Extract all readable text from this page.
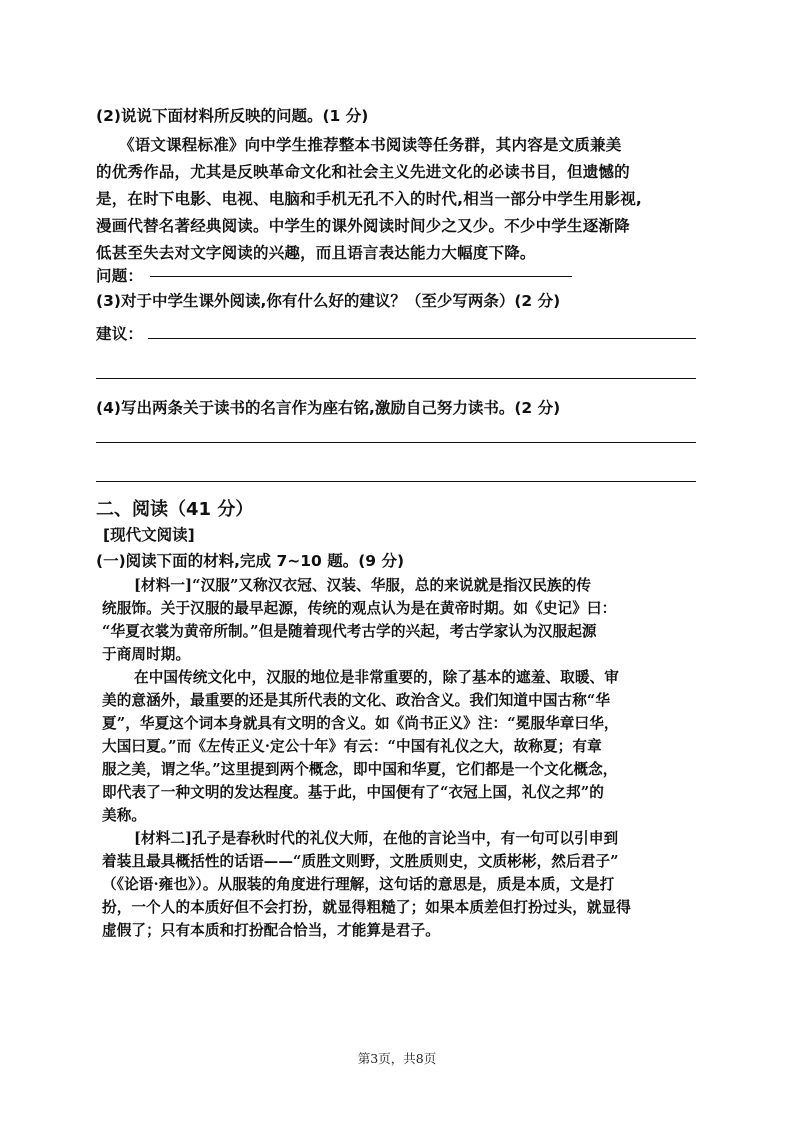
(2)说说下面材料所反映的问题。(1 分)
《语文课程标准》向中学生推荐整本书阅读等任务群，其内容是文质兼美
的优秀作品，尤其是反映革命文化和社会主义先进文化的必读书目，但遗憾的
是，在时下电影、电视、电脑和手机无孔不入的时代,相当一部分中学生用影视,
漫画代替名著经典阅读。中学生的课外阅读时间少之又少。不少中学生逐渐降
低甚至失去对文字阅读的兴趣，而且语言表达能力大幅度下降。
问题：
(3)对于中学生课外阅读,你有什么好的建议？（至少写两条）(2 分)
建议：
(4)写出两条关于读书的名言作为座右铭,激励自己努力读书。(2 分)
二、阅读（41 分）
[现代文阅读]
(一)阅读下面的材料,完成 7~10 题。(9 分)
[材料一]“汉服”又称汉衣冠、汉装、华服，总的来说就是指汉民族的传
统服饰。关于汉服的最早起源，传统的观点认为是在黄帝时期。如《史记》曰：
“华夏衣裳为黄帝所制。”但是随着现代考古学的兴起，考古学家认为汉服起源
于商周时期。
在中国传统文化中，汉服的地位是非常重要的，除了基本的遮羞、取暖、审
美的意涵外，最重要的还是其所代表的文化、政治含义。我们知道中国古称“华
夏”，华夏这个词本身就具有文明的含义。如《尚书正义》注：“冕服华章曰华，
大国曰夏。”而《左传正义·定公十年》有云：“中国有礼仪之大，故称夏；有章
服之美，谓之华。”这里提到两个概念，即中国和华夏，它们都是一个文化概念，
即代表了一种文明的发达程度。基于此，中国便有了“衣冠上国，礼仪之邦”的
美称。
[材料二]孔子是春秋时代的礼仪大师，在他的言论当中，有一句可以引申到
着装且最具概括性的话语——“质胜文则野，文胜质则史，文质彬彬，然后君子”
（《论语·雍也》）。从服装的角度进行理解，这句话的意思是，质是本质，文是打
扮，一个人的本质好但不会打扮，就显得粗糙了；如果本质差但打扮过头，就显得
虚假了；只有本质和打扮配合恰当，才能算是君子。
第3页，共8页
